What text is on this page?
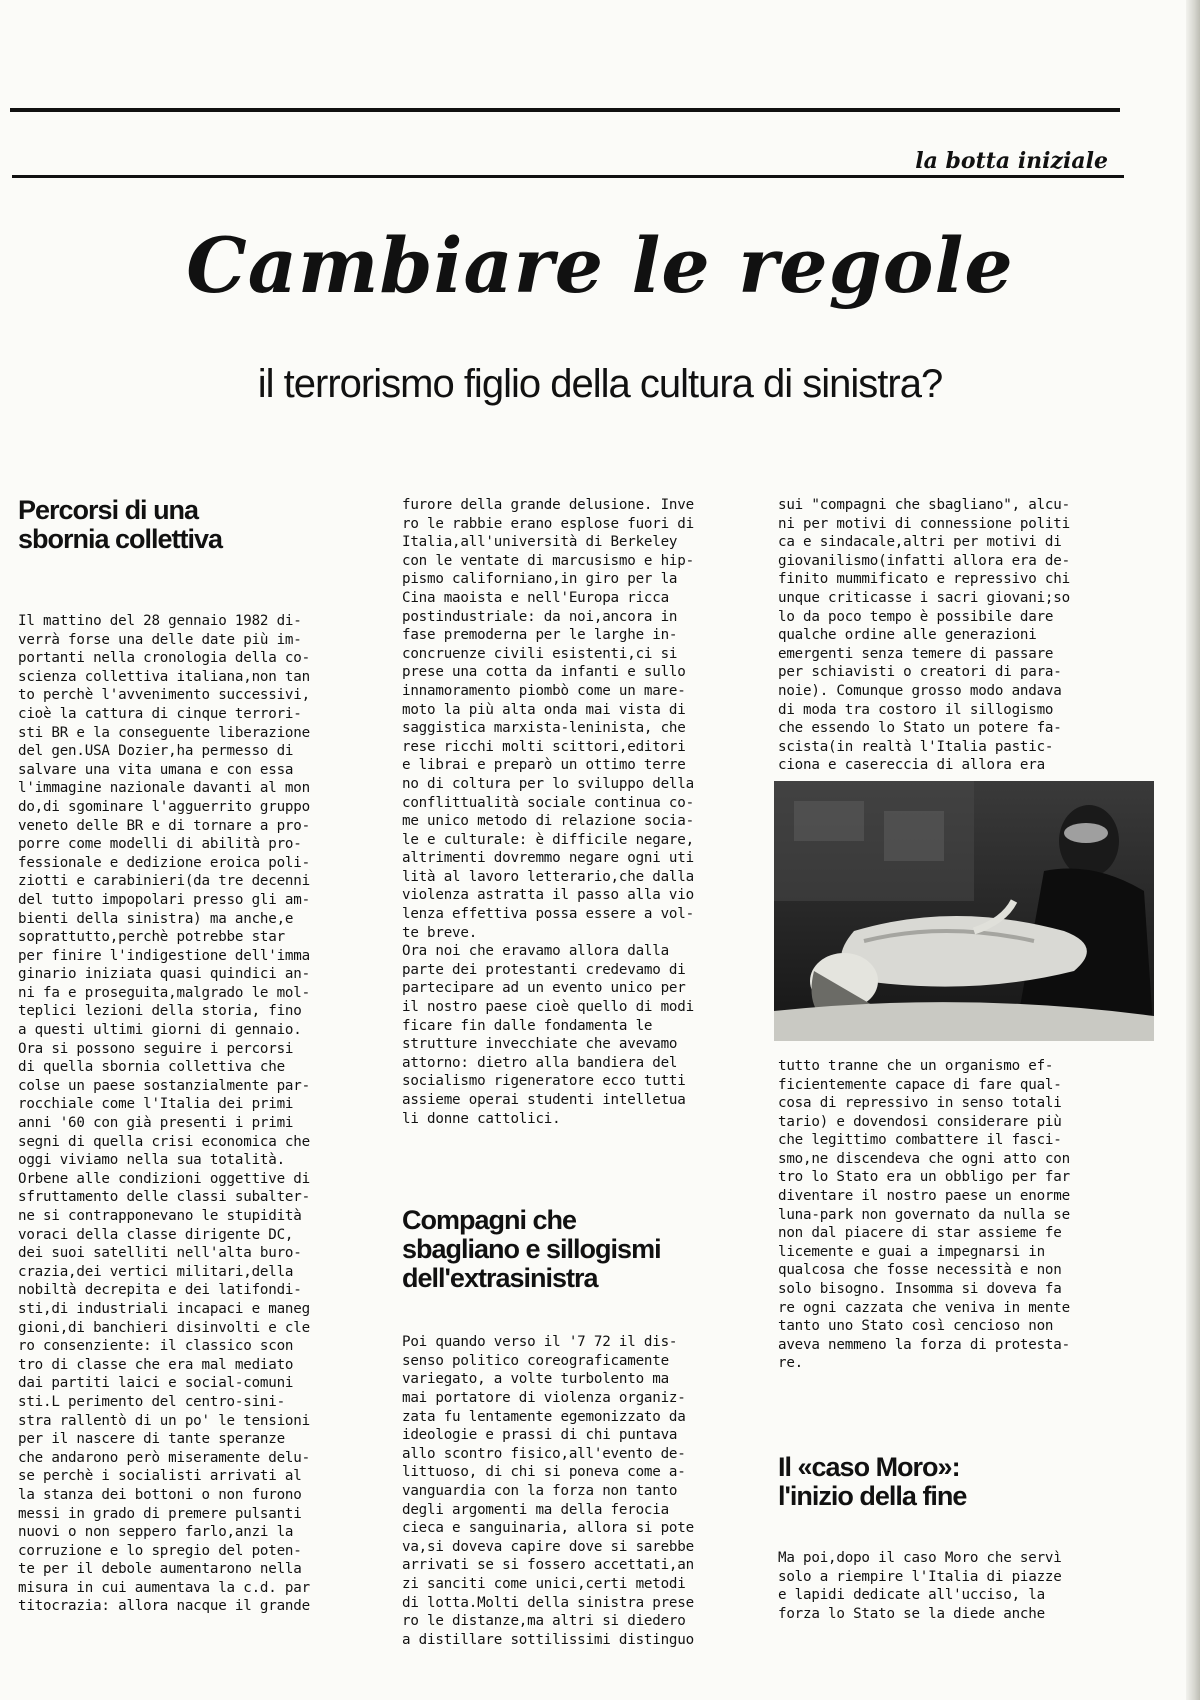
la botta iniziale
Cambiare le regole
il terrorismo figlio della cultura di sinistra?
Percorsi di una
sbornia collettiva

Il mattino del 28 gennaio 1982 di-
verrà forse una delle date più im-
portanti nella cronologia della co-
scienza collettiva italiana,non tan
to perchè l'avvenimento successivi,
cioè la cattura di cinque terrori-
sti BR e la conseguente liberazione
del gen.USA Dozier,ha permesso di
salvare una vita umana e con essa
l'immagine nazionale davanti al mon
do,di sgominare l'agguerrito gruppo
veneto delle BR e di tornare a pro-
porre come modelli di abilità pro-
fessionale e dedizione eroica poli-
ziotti e carabinieri(da tre decenni
del tutto impopolari presso gli am-
bienti della sinistra) ma anche,e
soprattutto,perchè potrebbe star
per finire l'indigestione dell'imma
ginario iniziata quasi quindici an-
ni fa e proseguita,malgrado le mol-
teplici lezioni della storia, fino
a questi ultimi giorni di gennaio.
Ora si possono seguire i percorsi
di quella sbornia collettiva che
colse un paese sostanzialmente par-
rocchiale come l'Italia dei primi
anni '60 con già presenti i primi
segni di quella crisi economica che
oggi viviamo nella sua totalità.
Orbene alle condizioni oggettive di
sfruttamento delle classi subalter-
ne si contrapponevano le stupidità
voraci della classe dirigente DC,
dei suoi satelliti nell'alta buro-
crazia,dei vertici militari,della
nobiltà decrepita e dei latifondi-
sti,di industriali incapaci e maneg
gioni,di banchieri disinvolti e cle
ro consenziente: il classico scon
tro di classe che era mal mediato
dai partiti laici e social-comuni
sti.L perimento del centro-sini-
stra rallentò di un po' le tensioni
per il nascere di tante speranze
che andarono però miseramente delu-
se perchè i socialisti arrivati al
la stanza dei bottoni o non furono
messi in grado di premere pulsanti
nuovi o non seppero farlo,anzi la
corruzione e lo spregio del poten-
te per il debole aumentarono nella
misura in cui aumentava la c.d. par
titocrazia: allora nacque il grande

furore della grande delusione. Inve
ro le rabbie erano esplose fuori di
Italia,all'università di Berkeley
con le ventate di marcusismo e hip-
pismo californiano,in giro per la
Cina maoista e nell'Europa ricca
postindustriale: da noi,ancora in
fase premoderna per le larghe in-
concruenze civili esistenti,ci si
prese una cotta da infanti e sullo
innamoramento piombò come un mare-
moto la più alta onda mai vista di
saggistica marxista-leninista, che
rese ricchi molti scittori,editori
e librai e preparò un ottimo terre
no di coltura per lo sviluppo della
conflittualità sociale continua co-
me unico metodo di relazione socia-
le e culturale: è difficile negare,
altrimenti dovremmo negare ogni uti
lità al lavoro letterario,che dalla
violenza astratta il passo alla vio
lenza effettiva possa essere a vol-
te breve.
Ora noi che eravamo allora dalla
parte dei protestanti credevamo di
partecipare ad un evento unico per
il nostro paese cioè quello di modi
ficare fin dalle fondamenta le
strutture invecchiate che avevamo
attorno: dietro alla bandiera del
socialismo rigeneratore ecco tutti
assieme operai studenti intelletua
li donne cattolici.

Compagni che
sbagliano e sillogismi
dell'extrasinistra

Poi quando verso il '7 72 il dis-
senso politico coreograficamente
variegato, a volte turbolento ma
mai portatore di violenza organiz-
zata fu lentamente egemonizzato da
ideologie e prassi di chi puntava
allo scontro fisico,all'evento de-
littuoso, di chi si poneva come a-
vanguardia con la forza non tanto
degli argomenti ma della ferocia
cieca e sanguinaria, allora si pote
va,si doveva capire dove si sarebbe
arrivati se si fossero accettati,an
zi sanciti come unici,certi metodi
di lotta.Molti della sinistra prese
ro le distanze,ma altri si diedero
a distillare sottilissimi distinguo

sui "compagni che sbagliano", alcu-
ni per motivi di connessione politi
ca e sindacale,altri per motivi di
giovanilismo(infatti allora era de-
finito mummificato e repressivo chi
unque criticasse i sacri giovani;so
lo da poco tempo è possibile dare
qualche ordine alle generazioni
emergenti senza temere di passare
per schiavisti o creatori di para-
noie). Comunque grosso modo andava
di moda tra costoro il sillogismo
che essendo lo Stato un potere fa-
scista(in realtà l'Italia pastic-
ciona e casereccia di allora era

tutto tranne che un organismo ef-
ficientemente capace di fare qual-
cosa di repressivo in senso totali
tario) e dovendosi considerare più
che legittimo combattere il fasci-
smo,ne discendeva che ogni atto con
tro lo Stato era un obbligo per far
diventare il nostro paese un enorme
luna-park non governato da nulla se
non dal piacere di star assieme fe
licemente e guai a impegnarsi in
qualcosa che fosse necessità e non
solo bisogno. Insomma si doveva fa
re ogni cazzata che veniva in mente
tanto uno Stato così cencioso non
aveva nemmeno la forza di protesta-
re.

Il «caso Moro»:
l'inizio della fine

Ma poi,dopo il caso Moro che servì
solo a riempire l'Italia di piazze
e lapidi dedicate all'ucciso, la
forza lo Stato se la diede anche
